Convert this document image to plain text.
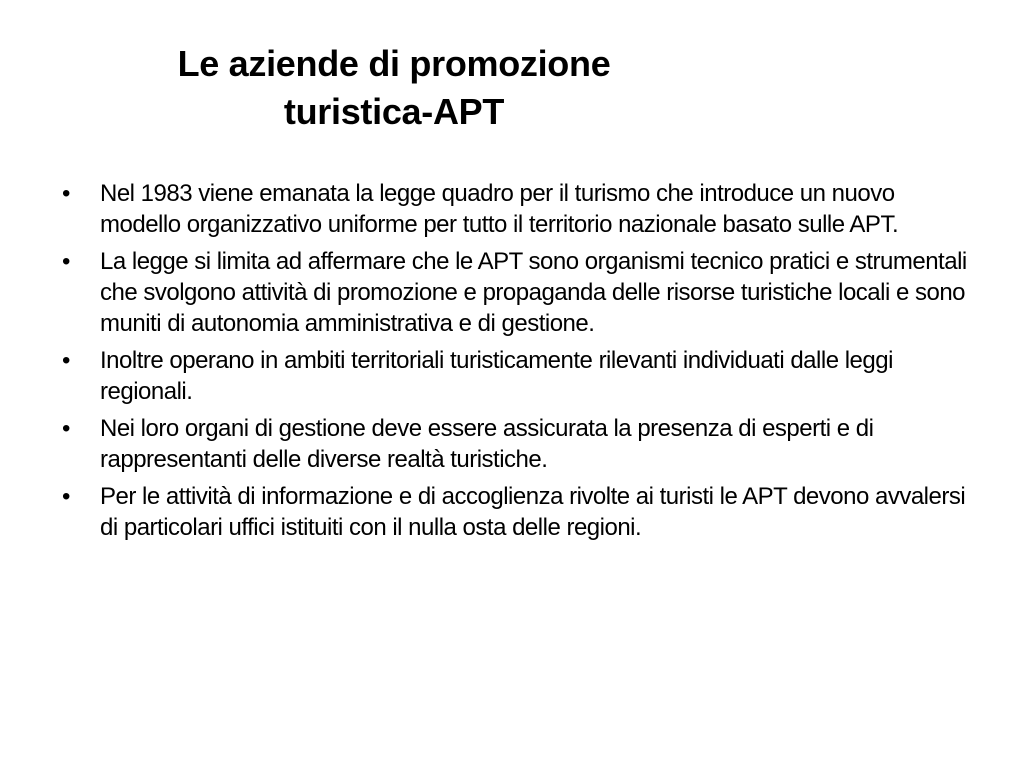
Le aziende di promozione
turistica-APT
•	Nel 1983 viene emanata la legge quadro per il turismo che introduce un nuovo modello organizzativo uniforme per tutto il territorio nazionale basato sulle APT.
•	La legge si limita ad affermare che le APT sono organismi tecnico pratici e strumentali che svolgono attività di promozione e propaganda delle risorse turistiche locali e sono muniti di autonomia amministrativa e di gestione.
•	Inoltre operano in ambiti territoriali turisticamente rilevanti individuati dalle leggi regionali.
•	Nei loro organi di gestione deve essere assicurata la presenza di esperti e di rappresentanti delle diverse realtà turistiche.
•	Per le attività di informazione e di accoglienza rivolte ai turisti le APT devono avvalersi di particolari uffici istituiti con il nulla osta delle regioni.
